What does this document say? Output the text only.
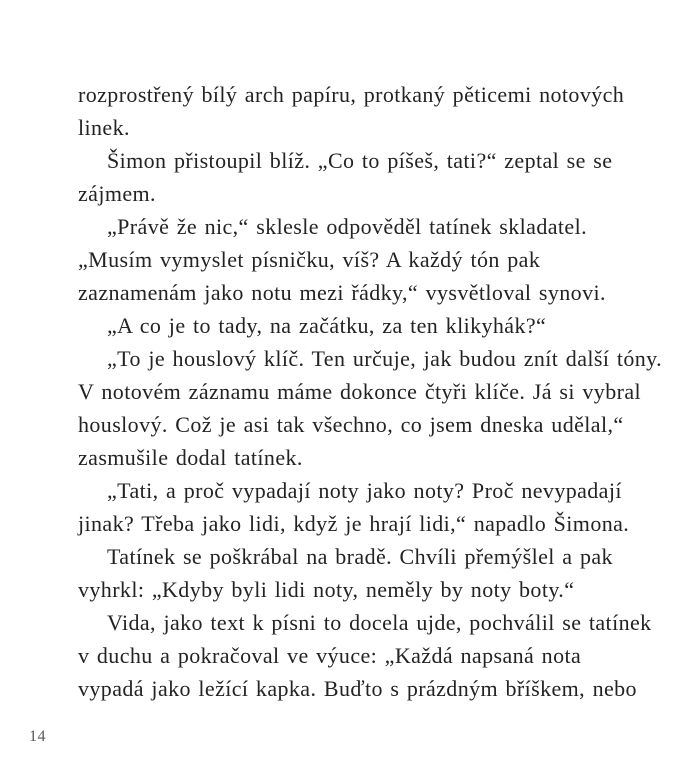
rozprostřený bílý arch papíru, protkaný pěticemi notových
linek.
Šimon přistoupil blíž. „Co to píšeš, tati?“ zeptal se se
zájmem.
„Právě že nic,“ sklesle odpověděl tatínek skladatel.
„Musím vymyslet písničku, víš? A každý tón pak
zaznamenám jako notu mezi řádky,“ vysvětloval synovi.
„A co je to tady, na začátku, za ten klikyhák?“
„To je houslový klíč. Ten určuje, jak budou znít další tóny.
V notovém záznamu máme dokonce čtyři klíče. Já si vybral
houslový. Což je asi tak všechno, co jsem dneska udělal,“
zasmušile dodal tatínek.
„Tati, a proč vypadají noty jako noty? Proč nevypadají
jinak? Třeba jako lidi, když je hrají lidi,“ napadlo Šimona.
Tatínek se poškrábal na bradě. Chvíli přemýšlel a pak
vyhrkl: „Kdyby byli lidi noty, neměly by noty boty.“
Vida, jako text k písni to docela ujde, pochválil se tatínek
v duchu a pokračoval ve výuce: „Každá napsaná nota
vypadá jako ležící kapka. Buďto s prázdným bříškem, nebo
14
